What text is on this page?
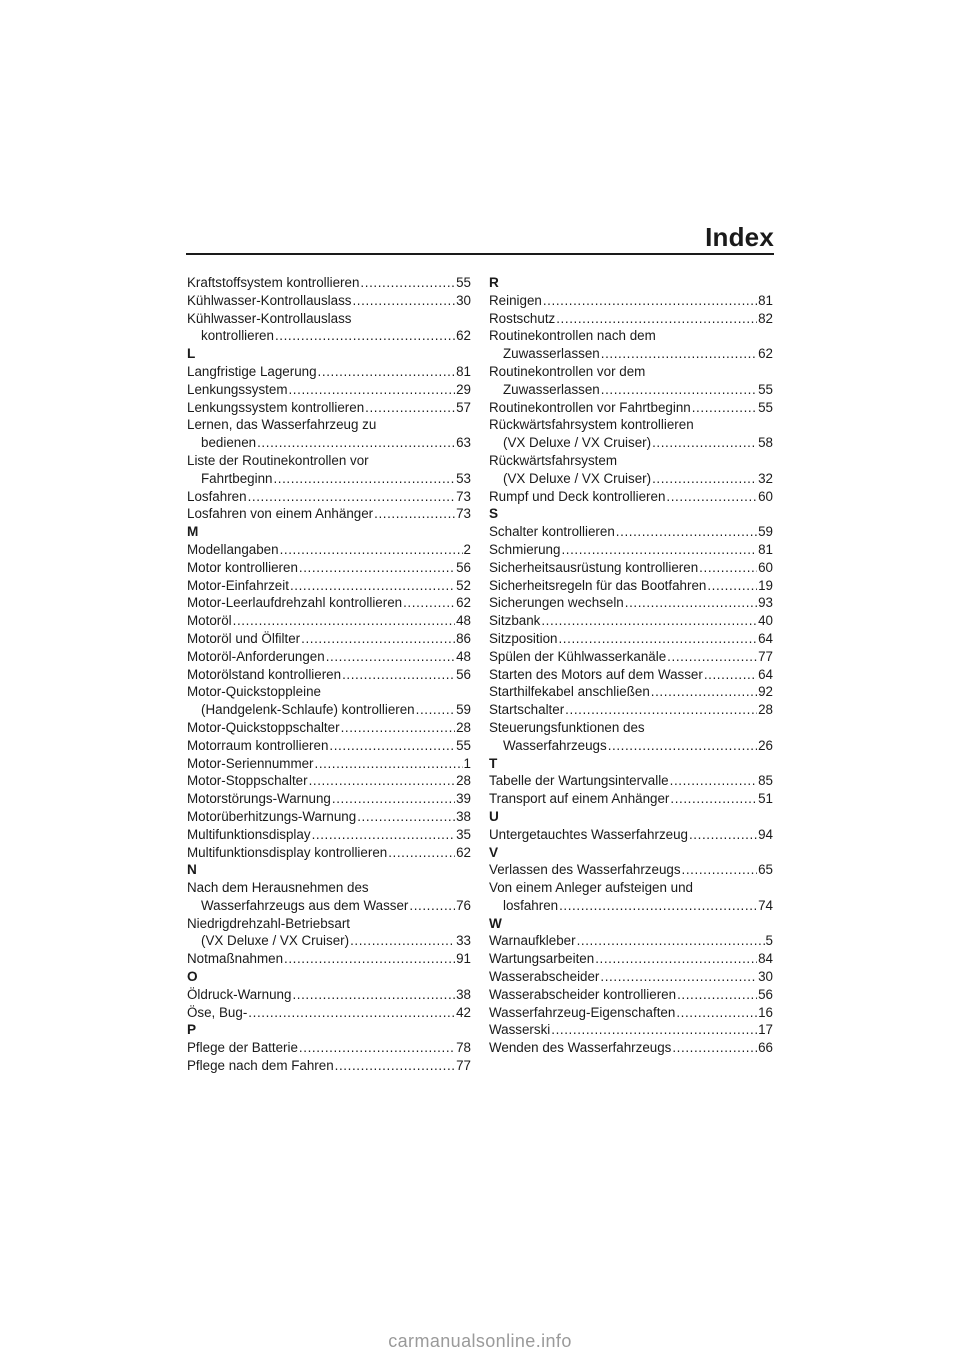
Index
Kraftstoffsystem kontrollieren .....	55
Kühlwasser-Kontrollauslass .....	30
Kühlwasser-Kontrollauslass
kontrollieren .....	62
L
Langfristige Lagerung .....	81
Lenkungssystem .....	29
Lenkungssystem kontrollieren .....	57
Lernen, das Wasserfahrzeug zu
bedienen .....	63
Liste der Routinekontrollen vor
Fahrtbeginn .....	53
Losfahren .....	73
Losfahren von einem Anhänger .....	73
M
Modellangaben .....	2
Motor kontrollieren .....	56
Motor-Einfahrzeit .....	52
Motor-Leerlaufdrehzahl kontrollieren .....	62
Motoröl .....	48
Motoröl und Ölfilter .....	86
Motoröl-Anforderungen .....	48
Motorölstand kontrollieren .....	56
Motor-Quickstoppleine
(Handgelenk-Schlaufe) kontrollieren .....	59
Motor-Quickstoppschalter .....	28
Motorraum kontrollieren .....	55
Motor-Seriennummer .....	1
Motor-Stoppschalter .....	28
Motorstörungs-Warnung .....	39
Motorüberhitzungs-Warnung .....	38
Multifunktionsdisplay .....	35
Multifunktionsdisplay kontrollieren .....	62
N
Nach dem Herausnehmen des
Wasserfahrzeugs aus dem Wasser .....	76
Niedrigdrehzahl-Betriebsart
(VX Deluxe / VX Cruiser) .....	33
Notmaßnahmen .....	91
O
Öldruck-Warnung .....	38
Öse, Bug- .....	42
P
Pflege der Batterie .....	78
Pflege nach dem Fahren .....	77
R
Reinigen .....	81
Rostschutz .....	82
Routinekontrollen nach dem
Zuwasserlassen .....	62
Routinekontrollen vor dem
Zuwasserlassen .....	55
Routinekontrollen vor Fahrtbeginn .....	55
Rückwärtsfahrsystem kontrollieren
(VX Deluxe / VX Cruiser) .....	58
Rückwärtsfahrsystem
(VX Deluxe / VX Cruiser) .....	32
Rumpf und Deck kontrollieren .....	60
S
Schalter kontrollieren .....	59
Schmierung .....	81
Sicherheitsausrüstung kontrollieren .....	60
Sicherheitsregeln für das Bootfahren .....	19
Sicherungen wechseln .....	93
Sitzbank .....	40
Sitzposition .....	64
Spülen der Kühlwasserkanäle .....	77
Starten des Motors auf dem Wasser .....	64
Starthilfekabel anschließen .....	92
Startschalter .....	28
Steuerungsfunktionen des
Wasserfahrzeugs .....	26
T
Tabelle der Wartungsintervalle .....	85
Transport auf einem Anhänger .....	51
U
Untergetauchtes Wasserfahrzeug .....	94
V
Verlassen des Wasserfahrzeugs .....	65
Von einem Anleger aufsteigen und
losfahren .....	74
W
Warnaufkleber .....	5
Wartungsarbeiten .....	84
Wasserabscheider .....	30
Wasserabscheider kontrollieren .....	56
Wasserfahrzeug-Eigenschaften .....	16
Wasserski .....	17
Wenden des Wasserfahrzeugs .....	66
carmanualsonline.info
